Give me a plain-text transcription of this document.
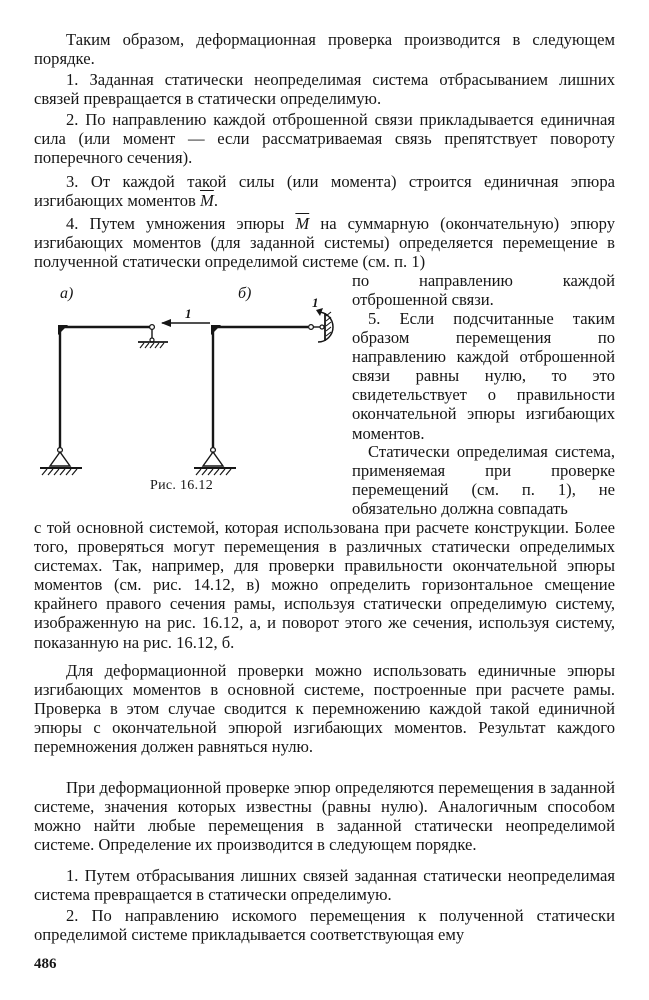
Таким образом, деформационная проверка производится в следующем порядке.

1. Заданная статически неопределимая система отбрасыванием лишних связей превращается в статически определимую.

2. По направлению каждой отброшенной связи прикладывается единичная сила (или момент — если рассматриваемая связь препятствует повороту поперечного сечения).

3. От каждой такой силы (или момента) строится единичная эпюра изгибающих моментов $\overline{M}$.

4. Путем умножения эпюры $\overline{M}$ на суммарную (окончательную) эпюру изгибающих моментов (для заданной системы) определяется перемещение в полученной статически определимой системе (см. п. 1)

по направлению каждой отброшенной связи.

5. Если подсчитанные таким образом перемещения по направлению каждой отброшенной связи равны нулю, то это свидетельствует о правильности окончательной эпюры изгибающих моментов.

Статически определимая система, применяемая при проверке перемещений (см. п. 1), не обязательно должна совпадать

а)
1
б)
1
Рис. 16.12

с той основной системой, которая использована при расчете конструкции. Более того, проверяться могут перемещения в различных статически определимых системах. Так, например, для проверки правильности окончательной эпюры моментов (см. рис. 14.12, в) можно определить горизонтальное смещение крайнего правого сечения рамы, используя статически определимую систему, изображенную на рис. 16.12, а, и поворот этого же сечения, используя систему, показанную на рис. 16.12, б.

Для деформационной проверки можно использовать единичные эпюры изгибающих моментов в основной системе, построенные при расчете рамы. Проверка в этом случае сводится к перемножению каждой такой единичной эпюры с окончательной эпюрой изгибающих моментов. Результат каждого перемножения должен равняться нулю.

При деформационной проверке эпюр определяются перемещения в заданной системе, значения которых известны (равны нулю). Аналогичным способом можно найти любые перемещения в заданной статически неопределимой системе. Определение их производится в следующем порядке.

1. Путем отбрасывания лишних связей заданная статически неопределимая система превращается в статически определимую.

2. По направлению искомого перемещения к полученной статически определимой системе прикладывается соответствующая ему

486
